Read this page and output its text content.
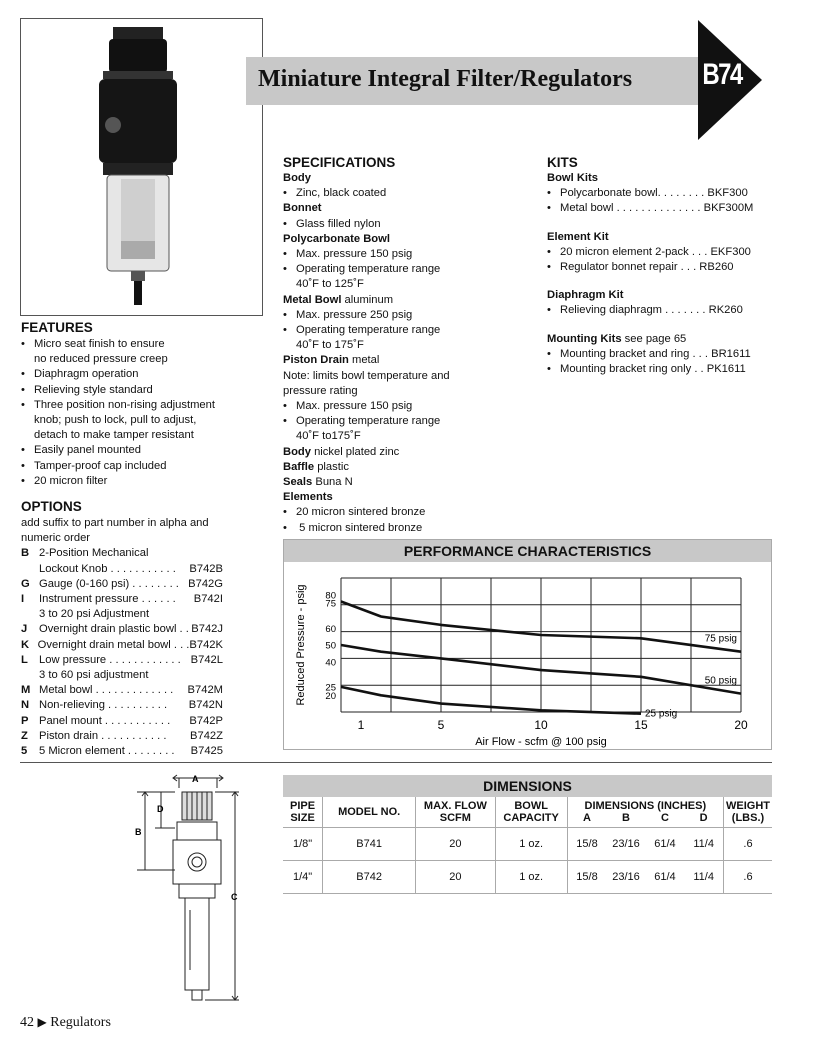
Miniature Integral Filter/Regulators B74
FEATURES
• Micro seat finish to ensure
no reduced pressure creep
• Diaphragm operation
• Relieving style standard
• Three position non-rising adjustment
knob; push to lock, pull to adjust,
detach to make tamper resistant
• Easily panel mounted
• Tamper-proof cap included
• 20 micron filter
OPTIONS
add suffix to part number in alpha and
numeric order
B 2-Position Mechanical
Lockout Knob . . . . . . . . . . .	B742B
G Gauge (0-160 psi) . . . . . . . . B742G
I	Instrument pressure . . . . . .	B742I
3 to 20 psi Adjustment
J	Overnight drain plastic bowl . . B742J
K Overnight drain metal bowl . . . B742K
L Low pressure . . . . . . . . . . . . B742L
3 to 60 psi adjustment
M Metal bowl . . . . . . . . . . . . .	B742M
N Non-relieving . . . . . . . . . .	B742N
P Panel mount . . . . . . . . . . .	B742P
Z Piston drain . . . . . . . . . . .	B742Z
5	5 Micron element . . . . . . . .	B7425
SPECIFICATIONS
Body
• Zinc, black coated
Bonnet
• Glass filled nylon
Polycarbonate Bowl
• Max. pressure 150 psig
• Operating temperature range
40˚F to 125˚F
Metal Bowl aluminum
• Max. pressure 250 psig
• Operating temperature range
40˚F to 175˚F
Piston Drain metal
Note: limits bowl temperature and
pressure rating
• Max. pressure 150 psig
• Operating temperature range
40˚F to175˚F
Body nickel plated zinc
Baffle plastic
Seals Buna N
Elements
• 20 micron sintered bronze
• 5 micron sintered bronze
KITS
Bowl Kits
• Polycarbonate bowl. . . . . . . . BKF300
• Metal bowl . . . . . . . . . . . . . . BKF300M
Element Kit
• 20 micron element 2-pack . . . EKF300
• Regulator bonnet repair . . . RB260
Diaphragm Kit
• Relieving diaphragm . . . . . . . RK260
Mounting Kits see page 65
• Mounting bracket and ring . . . BR1611
• Mounting bracket ring only . . PK1611
PERFORMANCE CHARACTERISTICS
1	5	10	15	20
80
75
60
50
40
25
20
75 psig
50 psig
25 psig
Air Flow - scfm @ 100 psig
Reduced Pressure - psig
A
B
D
C
DIMENSIONS
PIPE
SIZE	MODEL NO.	MAX. FLOW
SCFM	BOWL
CAPACITY	DIMENSIONS (INCHES)				WEIGHT
(LBS.)
				A	B	C	D	
1/8"	B741	20	1 oz.	15/8	23/16	61/4	11/4	.6
1/4"	B742	20	1 oz.	15/8	23/16	61/4	11/4	.6
42 ▶ Regulators
